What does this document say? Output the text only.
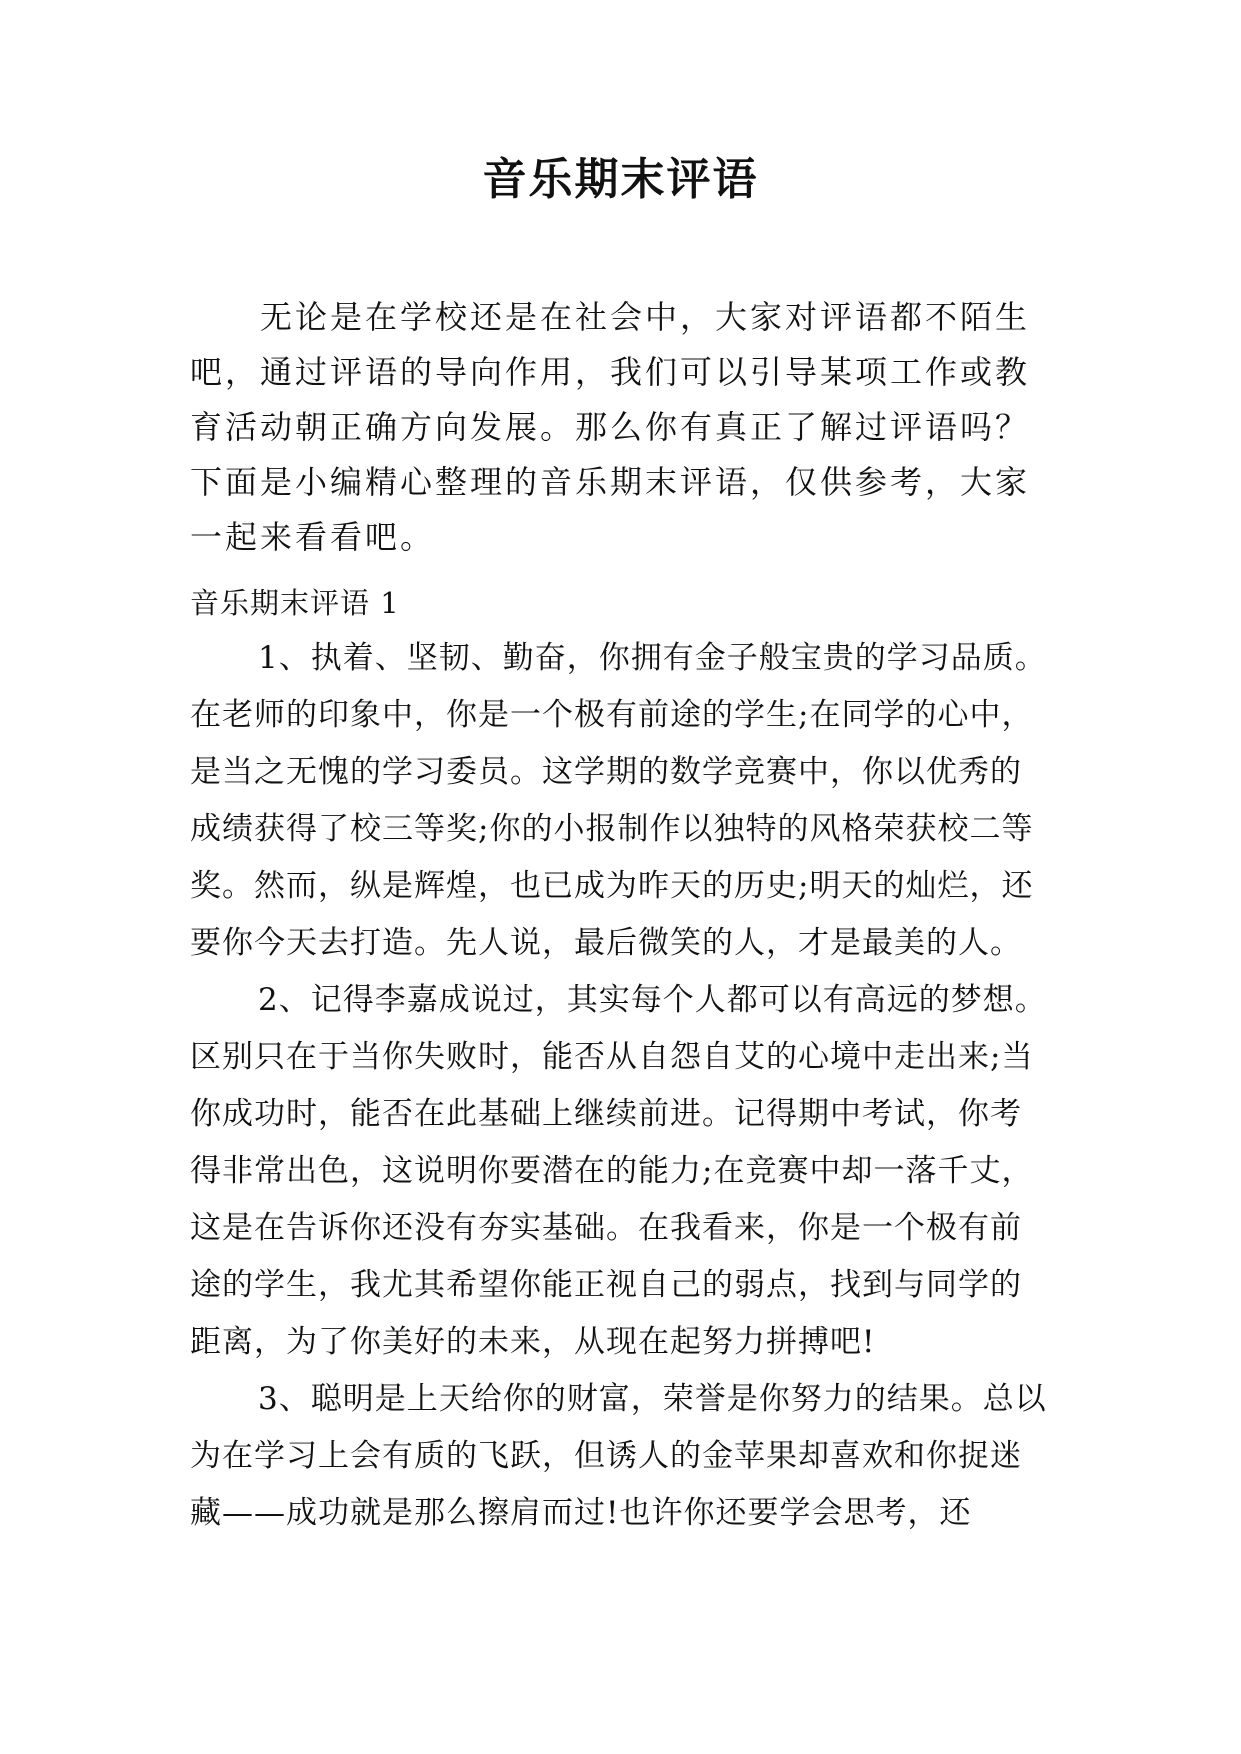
音乐期末评语

无论是在学校还是在社会中，大家对评语都不陌生吧，通过评语的导向作用，我们可以引导某项工作或教育活动朝正确方向发展。那么你有真正了解过评语吗？下面是小编精心整理的音乐期末评语，仅供参考，大家一起来看看吧。

音乐期末评语 1

1、执着、坚韧、勤奋，你拥有金子般宝贵的学习品质。在老师的印象中，你是一个极有前途的学生;在同学的心中，是当之无愧的学习委员。这学期的数学竞赛中，你以优秀的成绩获得了校三等奖;你的小报制作以独特的风格荣获校二等奖。然而，纵是辉煌，也已成为昨天的历史;明天的灿烂，还要你今天去打造。先人说，最后微笑的人，才是最美的人。

2、记得李嘉成说过，其实每个人都可以有高远的梦想。区别只在于当你失败时，能否从自怨自艾的心境中走出来;当你成功时，能否在此基础上继续前进。记得期中考试，你考得非常出色，这说明你要潜在的能力;在竞赛中却一落千丈，这是在告诉你还没有夯实基础。在我看来，你是一个极有前途的学生，我尤其希望你能正视自己的弱点，找到与同学的距离，为了你美好的未来，从现在起努力拼搏吧!

3、聪明是上天给你的财富，荣誉是你努力的结果。总以为在学习上会有质的飞跃，但诱人的金苹果却喜欢和你捉迷藏——成功就是那么擦肩而过!也许你还要学会思考，还
